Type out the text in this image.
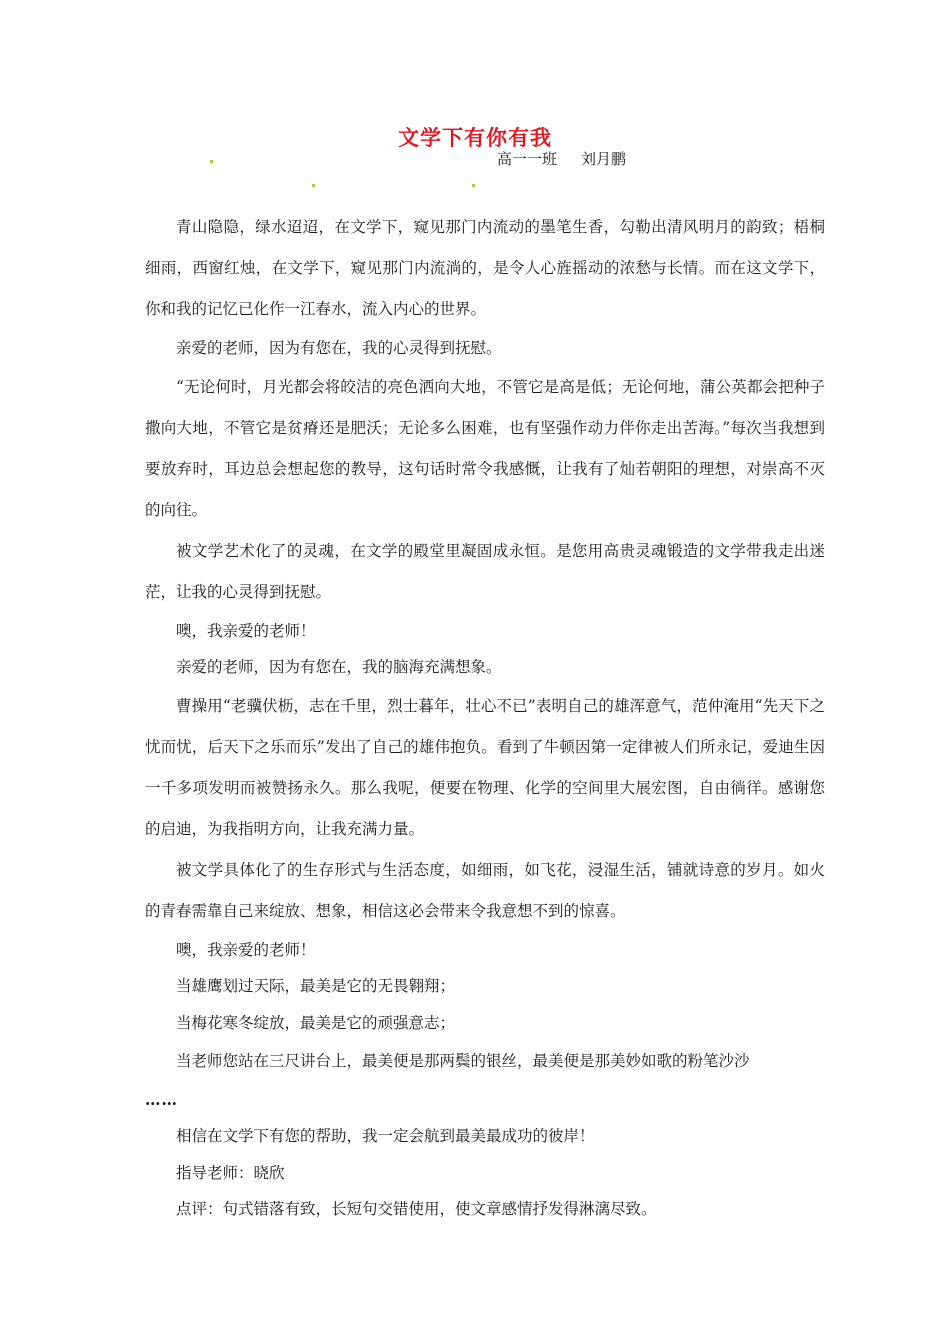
文学下有你有我
高一一班 刘月鹏

青山隐隐，绿水迢迢，在文学下，窥见那门内流动的墨笔生香，勾勒出清风明月的韵致；梧桐细雨，西窗红烛，在文学下，窥见那门内流淌的，是令人心旌摇动的浓愁与长情。而在这文学下，你和我的记忆已化作一江春水，流入内心的世界。

亲爱的老师，因为有您在，我的心灵得到抚慰。

“无论何时，月光都会将皎洁的亮色洒向大地，不管它是高是低；无论何地，蒲公英都会把种子撒向大地，不管它是贫瘠还是肥沃；无论多么困难，也有坚强作动力伴你走出苦海。”每次当我想到要放弃时，耳边总会想起您的教导，这句话时常令我感慨，让我有了灿若朝阳的理想，对崇高不灭的向往。

被文学艺术化了的灵魂，在文学的殿堂里凝固成永恒。是您用高贵灵魂锻造的文学带我走出迷茫，让我的心灵得到抚慰。

噢，我亲爱的老师！

亲爱的老师，因为有您在，我的脑海充满想象。

曹操用“老骥伏枥，志在千里，烈士暮年，壮心不已”表明自己的雄浑意气，范仲淹用“先天下之忧而忧，后天下之乐而乐”发出了自己的雄伟抱负。看到了牛顿因第一定律被人们所永记，爱迪生因一千多项发明而被赞扬永久。那么我呢，便要在物理、化学的空间里大展宏图，自由徜徉。感谢您的启迪，为我指明方向，让我充满力量。

被文学具体化了的生存形式与生活态度，如细雨，如飞花，浸湿生活，铺就诗意的岁月。如火的青春需靠自己来绽放、想象，相信这必会带来令我意想不到的惊喜。

噢，我亲爱的老师！

当雄鹰划过天际，最美是它的无畏翱翔；

当梅花寒冬绽放，最美是它的顽强意志；

当老师您站在三尺讲台上，最美便是那两鬓的银丝，最美便是那美妙如歌的粉笔沙沙

……

相信在文学下有您的帮助，我一定会航到最美最成功的彼岸！

指导老师：晓欣

点评：句式错落有致，长短句交错使用，使文章感情抒发得淋漓尽致。
